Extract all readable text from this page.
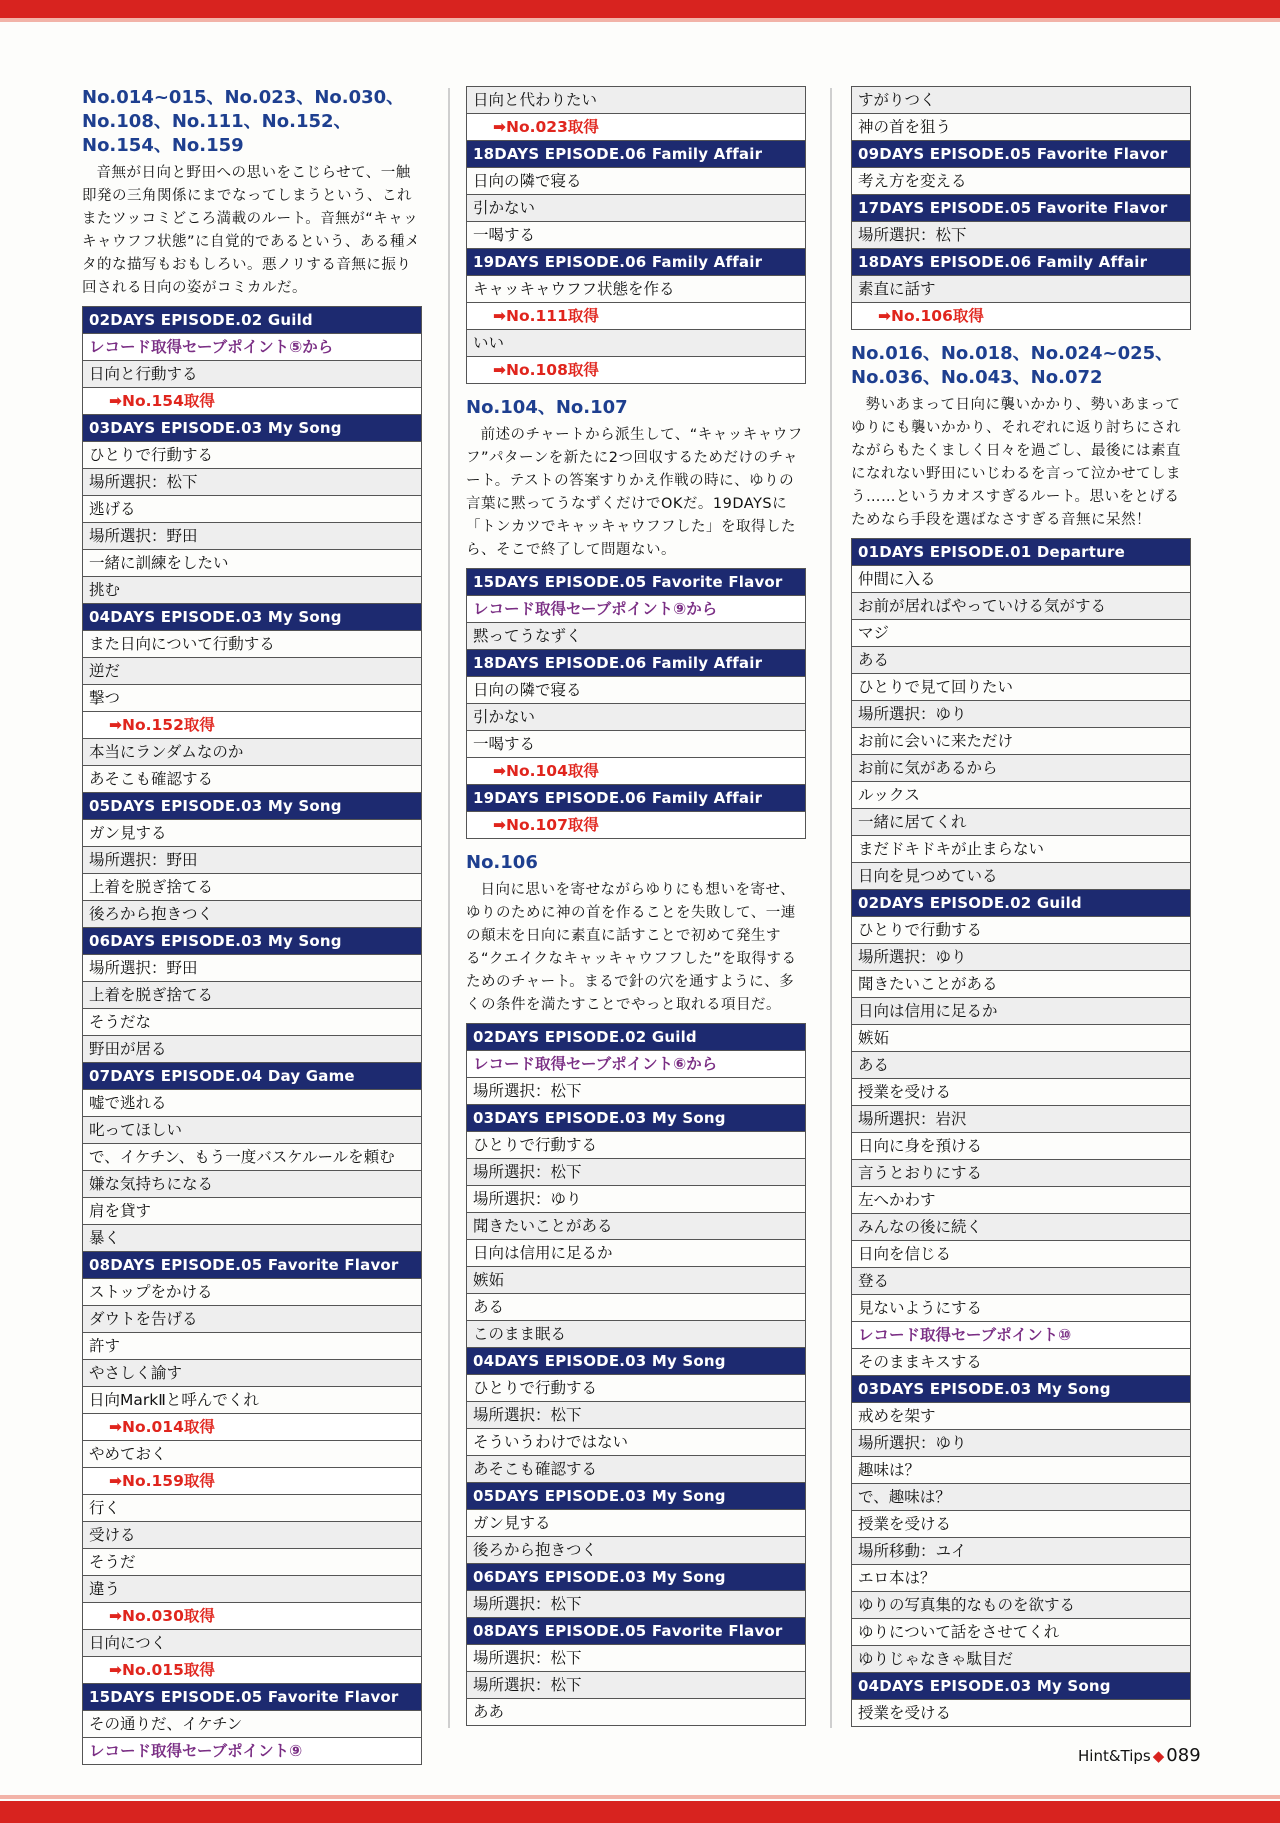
No.014~015、No.023、No.030、No.108、No.111、No.152、No.154、No.159

音無が日向と野田への思いをこじらせて、一触即発の三角関係にまでなってしまうという、これまたツッコミどころ満載のルート。音無が“キャッキャウフフ状態”に自覚的であるという、ある種メタ的な描写もおもしろい。悪ノリする音無に振り回される日向の姿がコミカルだ。

02DAYS EPISODE.02 Guild
レコード取得セーブポイント⑤から
日向と行動する
➡No.154取得
03DAYS EPISODE.03 My Song
ひとりで行動する
場所選択：松下
逃げる
場所選択：野田
一緒に訓練をしたい
挑む
04DAYS EPISODE.03 My Song
また日向について行動する
逆だ
撃つ
➡No.152取得
本当にランダムなのか
あそこも確認する
05DAYS EPISODE.03 My Song
ガン見する
場所選択：野田
上着を脱ぎ捨てる
後ろから抱きつく
06DAYS EPISODE.03 My Song
場所選択：野田
上着を脱ぎ捨てる
そうだな
野田が居る
07DAYS EPISODE.04 Day Game
嘘で逃れる
叱ってほしい
で、イケチン、もう一度バスケルールを頼む
嫌な気持ちになる
肩を貸す
暴く
08DAYS EPISODE.05 Favorite Flavor
ストップをかける
ダウトを告げる
許す
やさしく諭す
日向MarkⅡと呼んでくれ
➡No.014取得
やめておく
➡No.159取得
行く
受ける
そうだ
違う
➡No.030取得
日向につく
➡No.015取得
15DAYS EPISODE.05 Favorite Flavor
その通りだ、イケチン
レコード取得セーブポイント⑨
日向と代わりたい
➡No.023取得
18DAYS EPISODE.06 Family Affair
日向の隣で寝る
引かない
一喝する
19DAYS EPISODE.06 Family Affair
キャッキャウフフ状態を作る
➡No.111取得
いい
➡No.108取得
No.104、No.107

前述のチャートから派生して、“キャッキャウフフ”パターンを新たに2つ回収するためだけのチャート。テストの答案すりかえ作戦の時に、ゆりの言葉に黙ってうなずくだけでOKだ。19DAYSに「トンカツでキャッキャウフフした」を取得したら、そこで終了して問題ない。

15DAYS EPISODE.05 Favorite Flavor
レコード取得セーブポイント⑨から
黙ってうなずく
18DAYS EPISODE.06 Family Affair
日向の隣で寝る
引かない
一喝する
➡No.104取得
19DAYS EPISODE.06 Family Affair
➡No.107取得
No.106

日向に思いを寄せながらゆりにも想いを寄せ、ゆりのために神の首を作ることを失敗して、一連の顛末を日向に素直に話すことで初めて発生する“クエイクなキャッキャウフフした”を取得するためのチャート。まるで針の穴を通すように、多くの条件を満たすことでやっと取れる項目だ。

02DAYS EPISODE.02 Guild
レコード取得セーブポイント⑥から
場所選択：松下
03DAYS EPISODE.03 My Song
ひとりで行動する
場所選択：松下
場所選択：ゆり
聞きたいことがある
日向は信用に足るか
嫉妬
ある
このまま眠る
04DAYS EPISODE.03 My Song
ひとりで行動する
場所選択：松下
そういうわけではない
あそこも確認する
05DAYS EPISODE.03 My Song
ガン見する
後ろから抱きつく
06DAYS EPISODE.03 My Song
場所選択：松下
08DAYS EPISODE.05 Favorite Flavor
場所選択：松下
場所選択：松下
ああ
すがりつく
神の首を狙う
09DAYS EPISODE.05 Favorite Flavor
考え方を変える
17DAYS EPISODE.05 Favorite Flavor
場所選択：松下
18DAYS EPISODE.06 Family Affair
素直に話す
➡No.106取得
No.016、No.018、No.024~025、No.036、No.043、No.072

勢いあまって日向に襲いかかり、勢いあまってゆりにも襲いかかり、それぞれに返り討ちにされながらもたくましく日々を過ごし、最後には素直になれない野田にいじわるを言って泣かせてしまう……というカオスすぎるルート。思いをとげるためなら手段を選ばなさすぎる音無に呆然！

01DAYS EPISODE.01 Departure
仲間に入る
お前が居ればやっていける気がする
マジ
ある
ひとりで見て回りたい
場所選択：ゆり
お前に会いに来ただけ
お前に気があるから
ルックス
一緒に居てくれ
まだドキドキが止まらない
日向を見つめている
02DAYS EPISODE.02 Guild
ひとりで行動する
場所選択：ゆり
聞きたいことがある
日向は信用に足るか
嫉妬
ある
授業を受ける
場所選択：岩沢
日向に身を預ける
言うとおりにする
左へかわす
みんなの後に続く
日向を信じる
登る
見ないようにする
レコード取得セーブポイント⑩
そのままキスする
03DAYS EPISODE.03 My Song
戒めを架す
場所選択：ゆり
趣味は？
で、趣味は？
授業を受ける
場所移動：ユイ
エロ本は？
ゆりの写真集的なものを欲する
ゆりについて話をさせてくれ
ゆりじゃなきゃ駄目だ
04DAYS EPISODE.03 My Song
授業を受ける
Hint&Tips ◆ 089
